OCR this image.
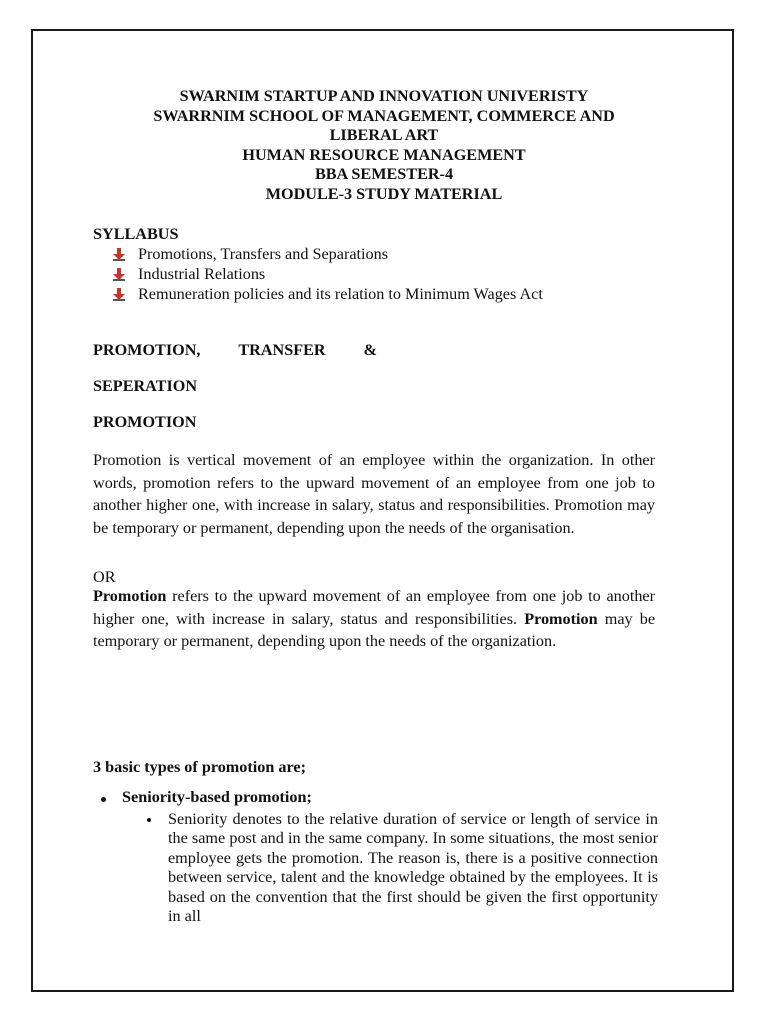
SWARNIM STARTUP AND INNOVATION UNIVERISTY

SWARRNIM SCHOOL OF MANAGEMENT, COMMERCE AND

LIBERAL ART

HUMAN RESOURCE MANAGEMENT

BBA SEMESTER-4

MODULE-3 STUDY MATERIAL

SYLLABUS
Promotions, Transfers and Separations
Industrial Relations
Remuneration policies and its relation to Minimum Wages Act
PROMOTION, TRANSFER &
SEPERATION
PROMOTION
Promotion is vertical movement of an employee within the organization. In other words, promotion refers to the upward movement of an employee from one job to another higher one, with increase in salary, status and responsibilities. Promotion may be temporary or permanent, depending upon the needs of the organisation.
OR
Promotion refers to the upward movement of an employee from one job to another higher one, with increase in salary, status and responsibilities. Promotion may be temporary or permanent, depending upon the needs of the organization.
3 basic types of promotion are;
Seniority-based promotion;
Seniority denotes to the relative duration of service or length of service in the same post and in the same company. In some situations, the most senior employee gets the promotion. The reason is, there is a positive connection between service, talent and the knowledge obtained by the employees. It is based on the convention that the first should be given the first opportunity in all
